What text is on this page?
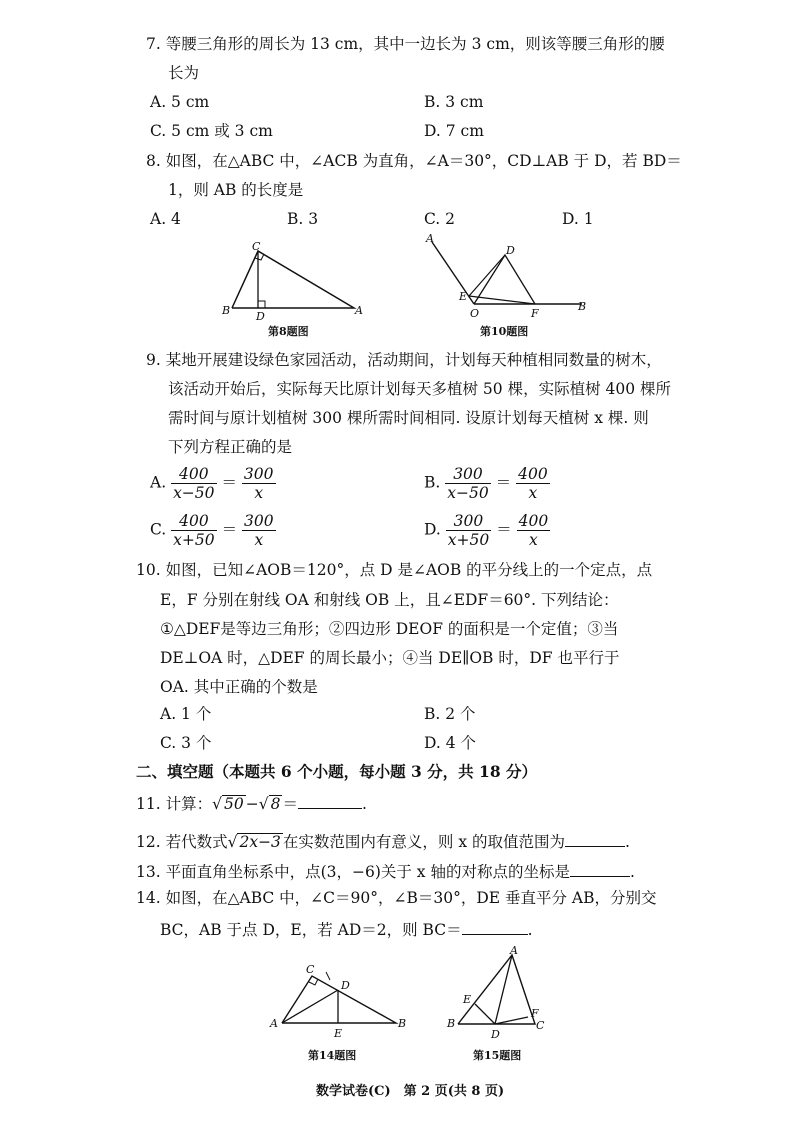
7. 等腰三角形的周长为 13 cm，其中一边长为 3 cm，则该等腰三角形的腰
长为
A. 5 cm	B. 3 cm
C. 5 cm 或 3 cm	D. 7 cm
8. 如图，在△ABC 中，∠ACB 为直角，∠A＝30°，CD⊥AB 于 D，若 BD＝
1，则 AB 的长度是
A. 4	B. 3	C. 2	D. 1
C
B D	A
第8题图
A
D
E
O	F
B
第10题图
9. 某地开展建设绿色家园活动，活动期间，计划每天种植相同数量的树木，
该活动开始后，实际每天比原计划每天多植树 50 棵，实际植树 400 棵所
需时间与原计划植树 300 棵所需时间相同. 设原计划每天植树 x 棵. 则
下列方程正确的是
A. $\frac{400}{x-50} = \frac{300}{x}$	B. $\frac{300}{x-50} = \frac{400}{x}$
C. $\frac{400}{x+50} = \frac{300}{x}$	D. $\frac{300}{x+50} = \frac{400}{x}$
10. 如图，已知∠AOB＝120°，点 D 是∠AOB 的平分线上的一个定点，点
E，F 分别在射线 OA 和射线 OB 上，且∠EDF＝60°. 下列结论：
①△DEF是等边三角形；②四边形 DEOF 的面积是一个定值；③当
DE⊥OA 时，△DEF 的周长最小；④当 DE∥OB 时，DF 也平行于
OA. 其中正确的个数是
A. 1 个	B. 2 个
C. 3 个	D. 4 个
二、填空题（本题共 6 个小题，每小题 3 分，共 18 分）
11. 计算：√ 50 −√ 8 ＝	.
12. 若代数式√ 2x−3 在实数范围内有意义，则 x 的取值范围为	.
13. 平面直角坐标系中，点(3，−6)关于 x 轴的对称点的坐标是	.
14. 如图，在△ABC 中，∠C＝90°，∠B＝30°，DE 垂直平分 AB，分别交
BC，AB 于点 D，E，若 AD＝2，则 BC＝	.
C
D
A
E
B
第14题图
A
E
F
B
D
C
第15题图
数学试卷(C)　第 2 页(共 8 页)
